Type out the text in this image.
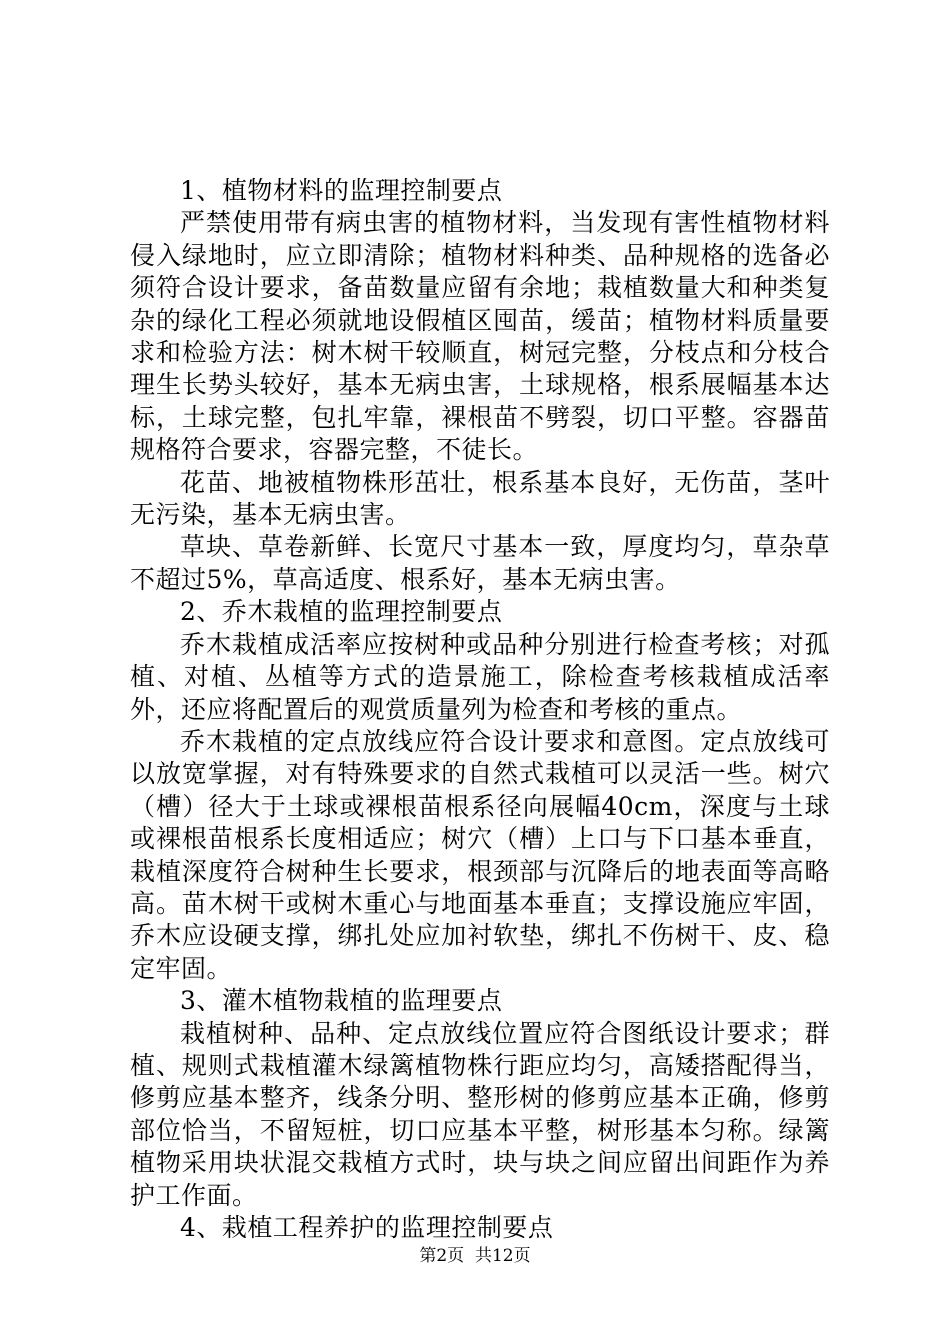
1、植物材料的监理控制要点

严禁使用带有病虫害的植物材料，当发现有害性植物材料侵入绿地时，应立即清除；植物材料种类、品种规格的选备必须符合设计要求，备苗数量应留有余地；栽植数量大和种类复杂的绿化工程必须就地设假植区囤苗，缓苗；植物材料质量要求和检验方法：树木树干较顺直，树冠完整，分枝点和分枝合理生长势头较好，基本无病虫害，土球规格，根系展幅基本达标，土球完整，包扎牢靠，裸根苗不劈裂，切口平整。容器苗规格符合要求，容器完整，不徒长。

花苗、地被植物株形茁壮，根系基本良好，无伤苗，茎叶无污染，基本无病虫害。

草块、草卷新鲜、长宽尺寸基本一致，厚度均匀，草杂草不超过5%，草高适度、根系好，基本无病虫害。

2、乔木栽植的监理控制要点

乔木栽植成活率应按树种或品种分别进行检查考核；对孤植、对植、丛植等方式的造景施工，除检查考核栽植成活率外，还应将配置后的观赏质量列为检查和考核的重点。

乔木栽植的定点放线应符合设计要求和意图。定点放线可以放宽掌握，对有特殊要求的自然式栽植可以灵活一些。树穴（槽）径大于土球或裸根苗根系径向展幅40cm，深度与土球或裸根苗根系长度相适应；树穴（槽）上口与下口基本垂直，栽植深度符合树种生长要求，根颈部与沉降后的地表面等高略高。苗木树干或树木重心与地面基本垂直；支撑设施应牢固，乔木应设硬支撑，绑扎处应加衬软垫，绑扎不伤树干、皮、稳定牢固。

3、灌木植物栽植的监理要点

栽植树种、品种、定点放线位置应符合图纸设计要求；群植、规则式栽植灌木绿篱植物株行距应均匀，高矮搭配得当，修剪应基本整齐，线条分明、整形树的修剪应基本正确，修剪部位恰当，不留短桩，切口应基本平整，树形基本匀称。绿篱植物采用块状混交栽植方式时，块与块之间应留出间距作为养护工作面。

4、栽植工程养护的监理控制要点

第2页  共12页
